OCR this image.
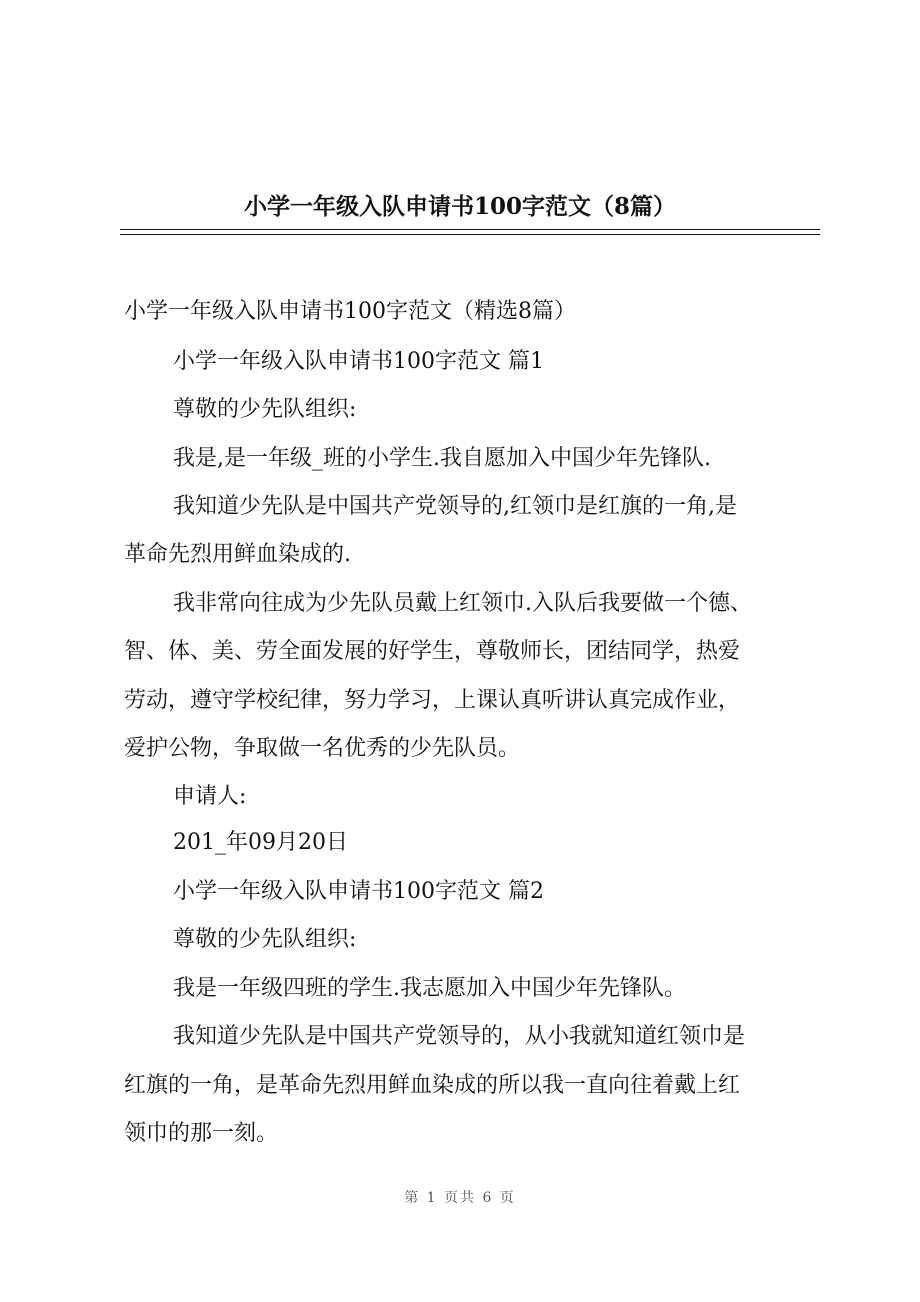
小学一年级入队申请书100字范文（8篇）
小学一年级入队申请书100字范文（精选8篇）
小学一年级入队申请书100字范文 篇1
尊敬的少先队组织:
我是,是一年级_班的小学生.我自愿加入中国少年先锋队.
我知道少先队是中国共产党领导的,红领巾是红旗的一角,是
革命先烈用鲜血染成的.
我非常向往成为少先队员戴上红领巾.入队后我要做一个德、
智、体、美、劳全面发展的好学生，尊敬师长，团结同学，热爱
劳动，遵守学校纪律，努力学习，上课认真听讲认真完成作业，
爱护公物，争取做一名优秀的少先队员。
申请人:
201_年09月20日
小学一年级入队申请书100字范文 篇2
尊敬的少先队组织:
我是一年级四班的学生.我志愿加入中国少年先锋队。
我知道少先队是中国共产党领导的，从小我就知道红领巾是
红旗的一角，是革命先烈用鲜血染成的所以我一直向往着戴上红
领巾的那一刻。
第 1 页共 6 页
